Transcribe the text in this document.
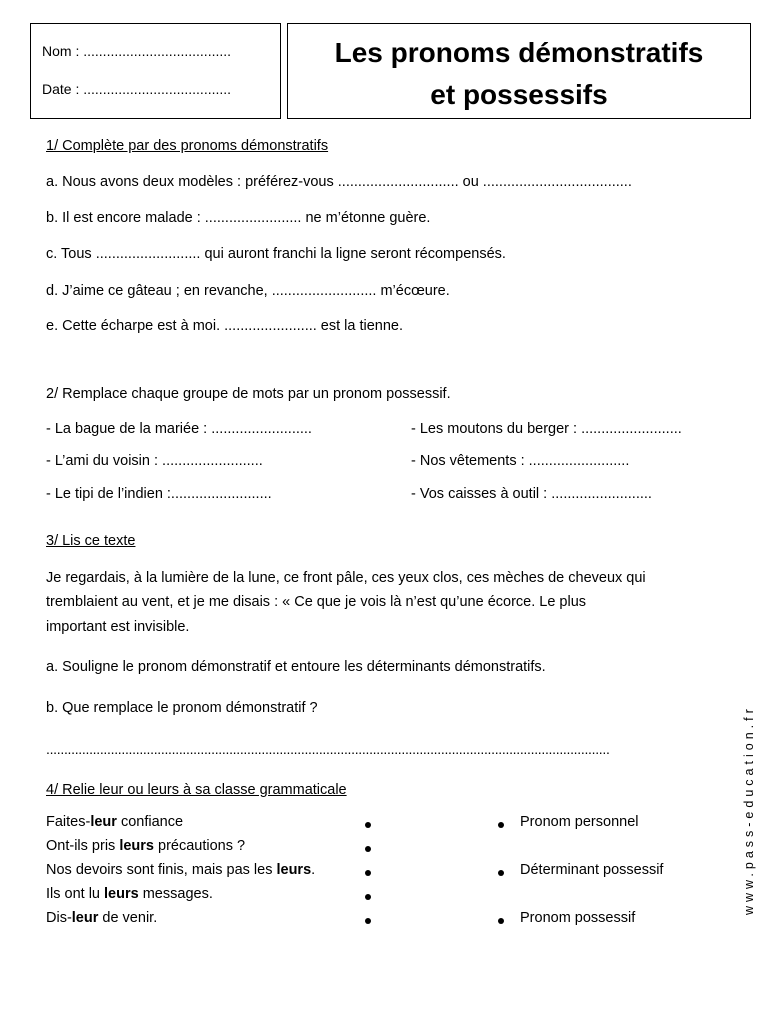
Nom : ......................................
Date : ......................................
Les pronoms démonstratifs
et possessifs
1/ Complète par des pronoms démonstratifs
a. Nous avons deux modèles : préférez-vous .............................. ou .....................................
b. Il est encore malade : ........................ ne m’étonne guère.
c. Tous .......................... qui auront franchi la ligne seront récompensés.
d. J’aime ce gâteau ; en revanche, .......................... m’écœure.
e. Cette écharpe est à moi. ....................... est la tienne.
2/ Remplace chaque groupe de mots par un pronom possessif.
- La bague de la mariée : .........................
- L’ami du voisin : .........................
- Le tipi de l’indien :.........................
- Les moutons du berger : .........................
- Nos vêtements : .........................
- Vos caisses à outil : .........................
3/ Lis ce texte
Je regardais, à la lumière de la lune, ce front pâle, ces yeux clos, ces mèches de cheveux qui
tremblaient au vent, et je me disais : « Ce que je vois là n’est qu’une écorce. Le plus
important est invisible.
a. Souligne le pronom démonstratif et entoure les déterminants démonstratifs.
b. Que remplace le pronom démonstratif ?
.............................................................................................................................................................
4/ Relie leur ou leurs à sa classe grammaticale
Faites-leur confiance
Ont-ils pris leurs précautions ?
Nos devoirs sont finis, mais pas les leurs.
Ils ont lu leurs messages.
Dis-leur de venir.
Pronom personnel
Déterminant possessif
Pronom possessif
www.pass-education.fr
